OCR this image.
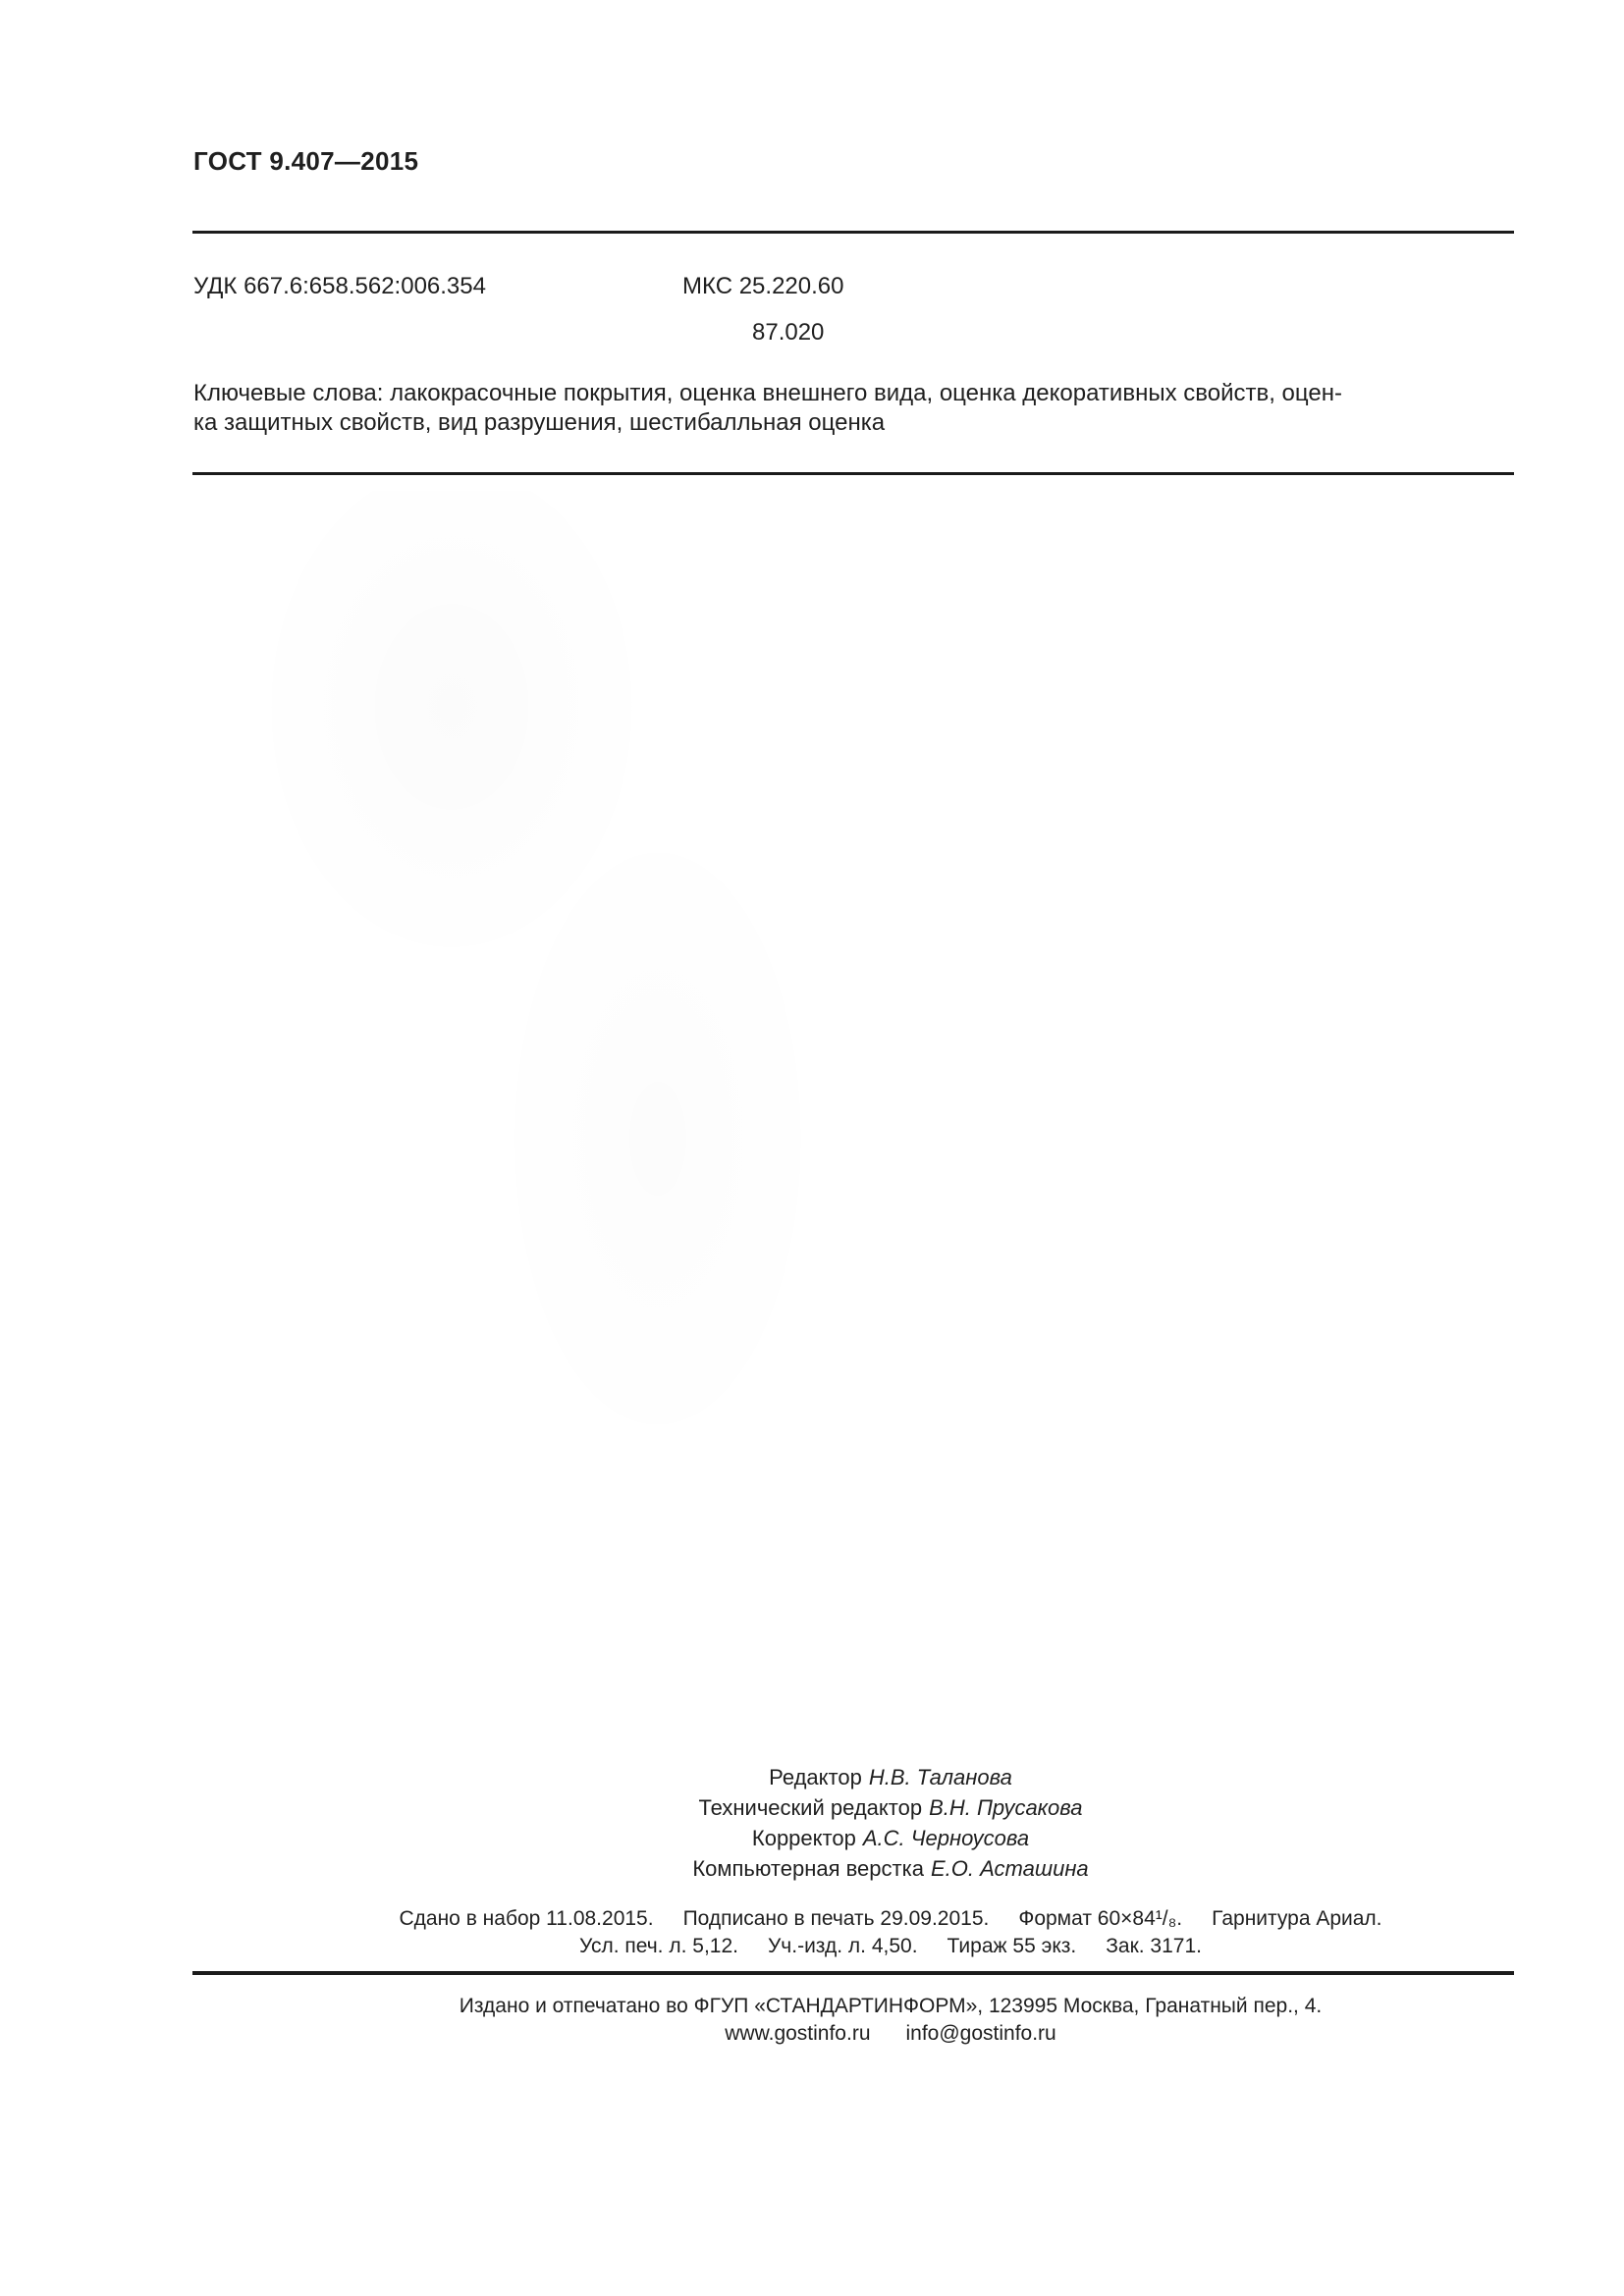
ГОСТ 9.407—2015
УДК 667.6:658.562:006.354	МКС 25.220.60
87.020
Ключевые слова: лакокрасочные покрытия, оценка внешнего вида, оценка декоративных свойств, оцен-
ка защитных свойств, вид разрушения, шестибалльная оценка
Редактор Н.В. Таланова
Технический редактор В.Н. Прусакова
Корректор А.С. Черноусова
Компьютерная верстка Е.О. Асташина
Сдано в набор 11.08.2015. Подписано в печать 29.09.2015. Формат 60×84¹/₈. Гарнитура Ариал.
Усл. печ. л. 5,12. Уч.-изд. л. 4,50. Тираж 55 экз. Зак. 3171.
Издано и отпечатано во ФГУП «СТАНДАРТИНФОРМ», 123995 Москва, Гранатный пер., 4.
www.gostinfo.ru info@gostinfo.ru
